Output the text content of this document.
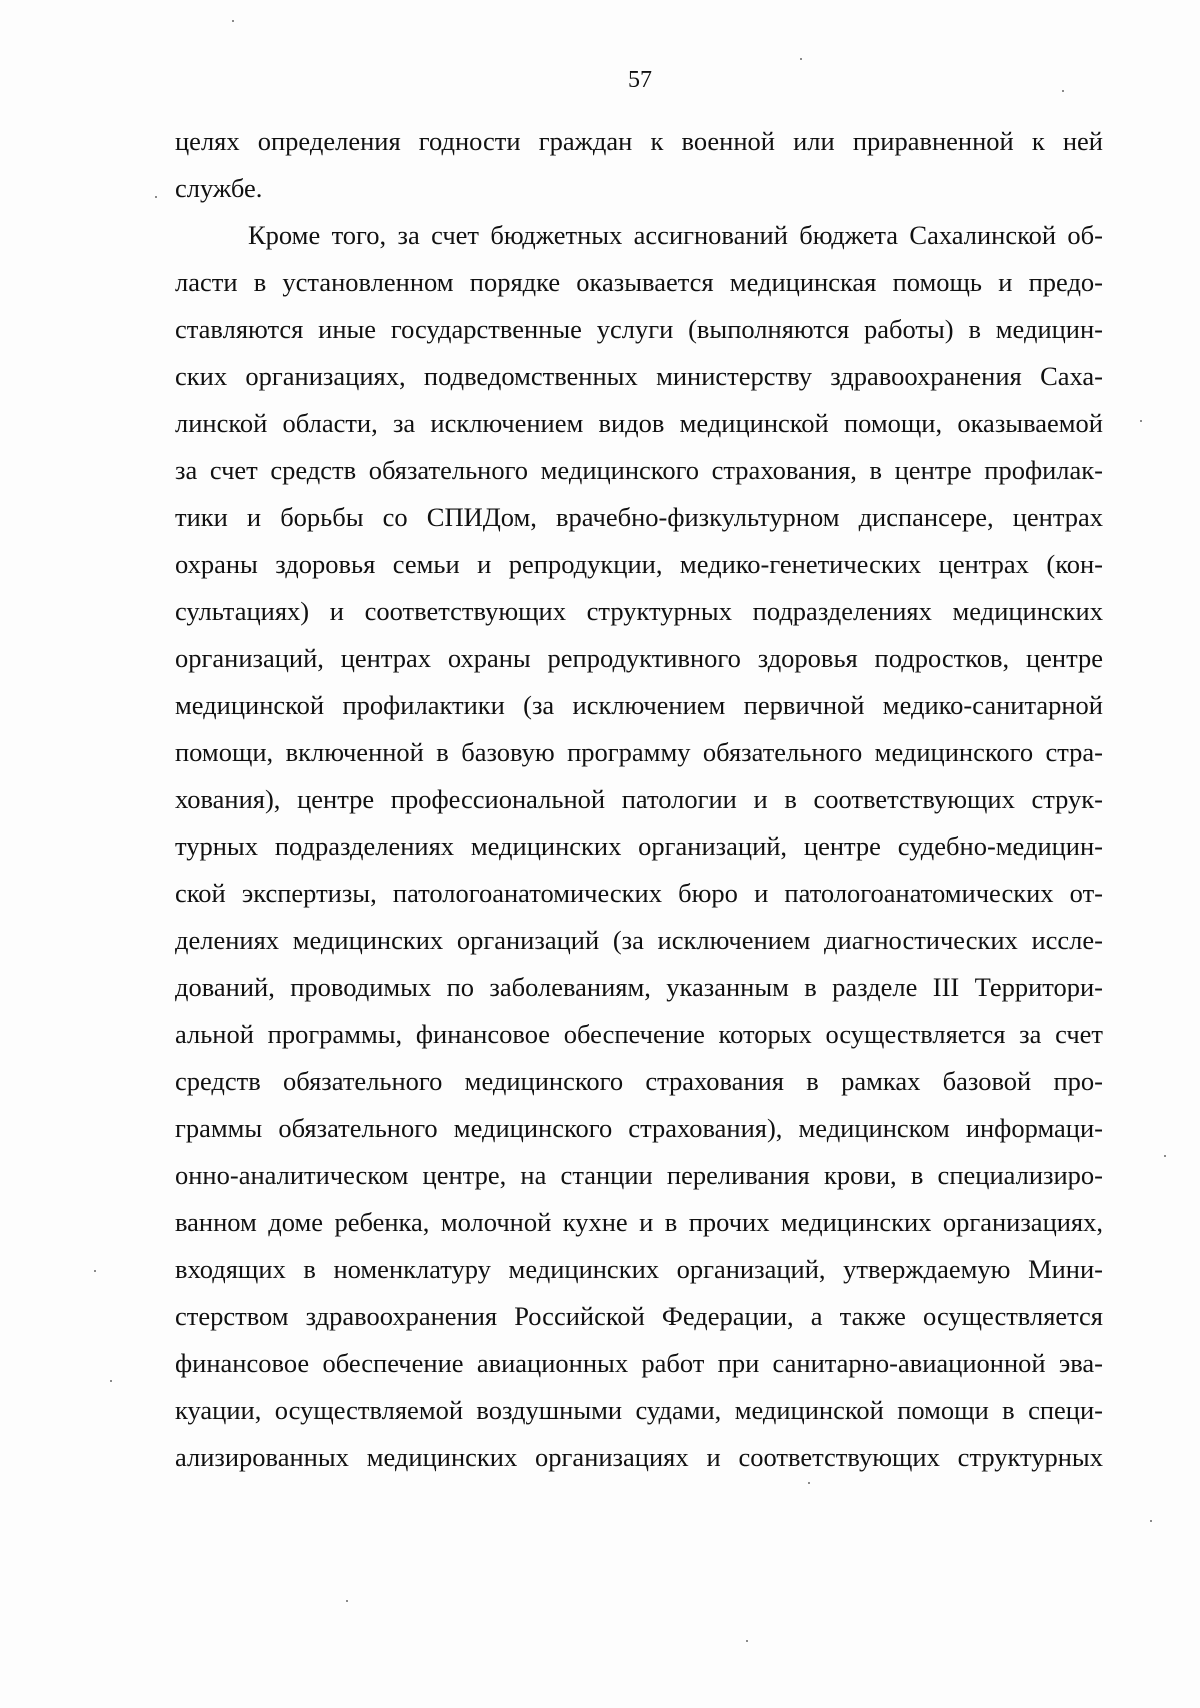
57
целях определения годности граждан к военной или приравненной к ней
службе.
Кроме того, за счет бюджетных ассигнований бюджета Сахалинской об-
ласти в установленном порядке оказывается медицинская помощь и предо-
ставляются иные государственные услуги (выполняются работы) в медицин-
ских организациях, подведомственных министерству здравоохранения Саха-
линской области, за исключением видов медицинской помощи, оказываемой
за счет средств обязательного медицинского страхования, в центре профилак-
тики и борьбы со СПИДом, врачебно-физкультурном диспансере, центрах
охраны здоровья семьи и репродукции, медико-генетических центрах (кон-
сультациях) и соответствующих структурных подразделениях медицинских
организаций, центрах охраны репродуктивного здоровья подростков, центре
медицинской профилактики (за исключением первичной медико-санитарной
помощи, включенной в базовую программу обязательного медицинского стра-
хования), центре профессиональной патологии и в соответствующих струк-
турных подразделениях медицинских организаций, центре судебно-медицин-
ской экспертизы, патологоанатомических бюро и патологоанатомических от-
делениях медицинских организаций (за исключением диагностических иссле-
дований, проводимых по заболеваниям, указанным в разделе III Территори-
альной программы, финансовое обеспечение которых осуществляется за счет
средств обязательного медицинского страхования в рамках базовой про-
граммы обязательного медицинского страхования), медицинском информаци-
онно-аналитическом центре, на станции переливания крови, в специализиро-
ванном доме ребенка, молочной кухне и в прочих медицинских организациях,
входящих в номенклатуру медицинских организаций, утверждаемую Мини-
стерством здравоохранения Российской Федерации, а также осуществляется
финансовое обеспечение авиационных работ при санитарно-авиационной эва-
куации, осуществляемой воздушными судами, медицинской помощи в специ-
ализированных медицинских организациях и соответствующих структурных
